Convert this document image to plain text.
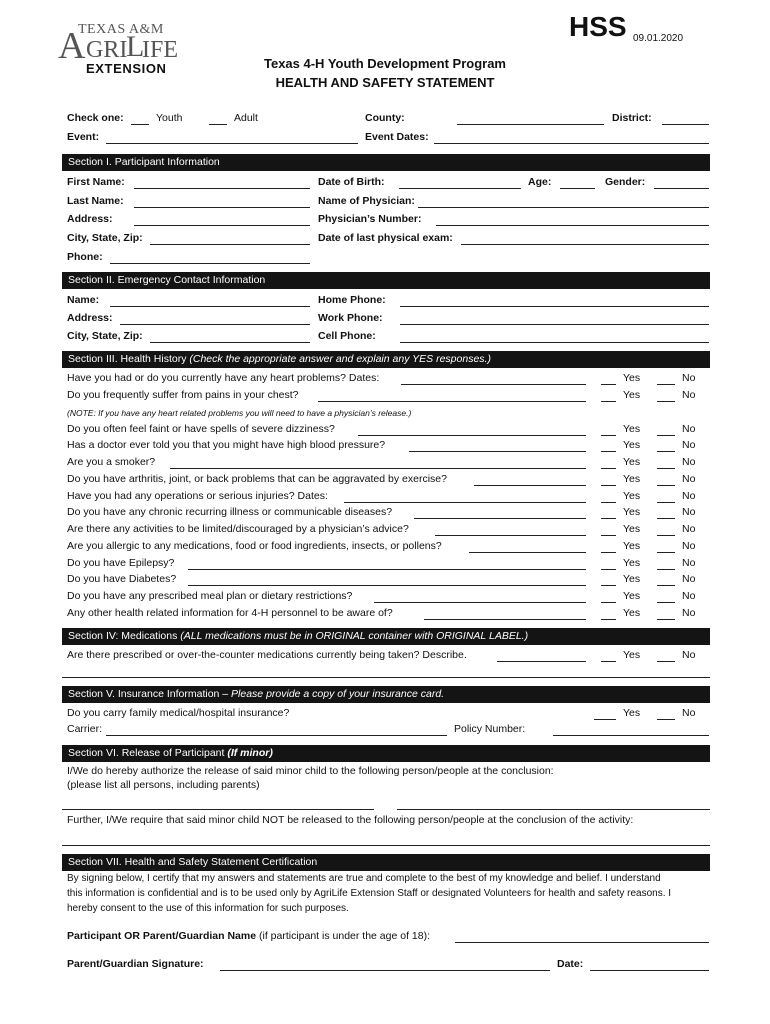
TEXAS A&M
A GRI
L
IFE
EXTENSION
HSS 09.01.2020
Texas 4-H Youth Development Program
HEALTH AND SAFETY STATEMENT
Check one:	Youth	Adult	County:	District:
Event:	Event Dates:
Section I. Participant Information
First Name:	Date of Birth:	Age:	Gender:
Last Name:	Name of Physician:
Address:	Physician’s Number:
City, State, Zip:	Date of last physical exam:
Phone:
Section II. Emergency Contact Information
Name:	Home Phone:
Address:	Work Phone:
City, State, Zip:	Cell Phone:
Section III. Health History (Check the appropriate answer and explain any YES responses.)
Have you had or do you currently have any heart problems? Dates:	Yes	No
Do you frequently suffer from pains in your chest?	Yes	No
Do you often feel faint or have spells of severe dizziness?	Yes	No
Has a doctor ever told you that you might have high blood pressure?	Yes	No
Are you a smoker?	Yes	No
Do you have arthritis, joint, or back problems that can be aggravated by exercise?	Yes	No
Have you had any operations or serious injuries? Dates:	Yes	No
Do you have any chronic recurring illness or communicable diseases?	Yes	No
Are there any activities to be limited/discouraged by a physician’s advice?	Yes	No
Are you allergic to any medications, food or food ingredients, insects, or pollens?	Yes	No
Do you have Epilepsy?	Yes	No
Do you have Diabetes?	Yes	No
Do you have any prescribed meal plan or dietary restrictions?	Yes	No
Any other health related information for 4-H personnel to be aware of?	Yes	No
(NOTE: If you have any heart related problems you will need to have a physician’s release.)
Section IV: Medications (ALL medications must be in ORIGINAL container with ORIGINAL LABEL.)
Are there prescribed or over-the-counter medications currently being taken? Describe.	Yes	No
Section V. Insurance Information – Please provide a copy of your insurance card.
Do you carry family medical/hospital insurance?	Yes	No
Carrier:	Policy Number:
Section VI. Release of Participant (If minor)
I/We do hereby authorize the release of said minor child to the following person/people at the conclusion:
(please list all persons, including parents)
Further, I/We require that said minor child NOT be released to the following person/people at the conclusion of the activity:
Section VII. Health and Safety Statement Certification
By signing below, I certify that my answers and statements are true and complete to the best of my knowledge and belief. I understand
this information is confidential and is to be used only by AgriLife Extension Staff or designated Volunteers for health and safety reasons. I
hereby consent to the use of this information for such purposes.
Participant OR Parent/Guardian Name (if participant is under the age of 18):
Parent/Guardian Signature:	Date:
